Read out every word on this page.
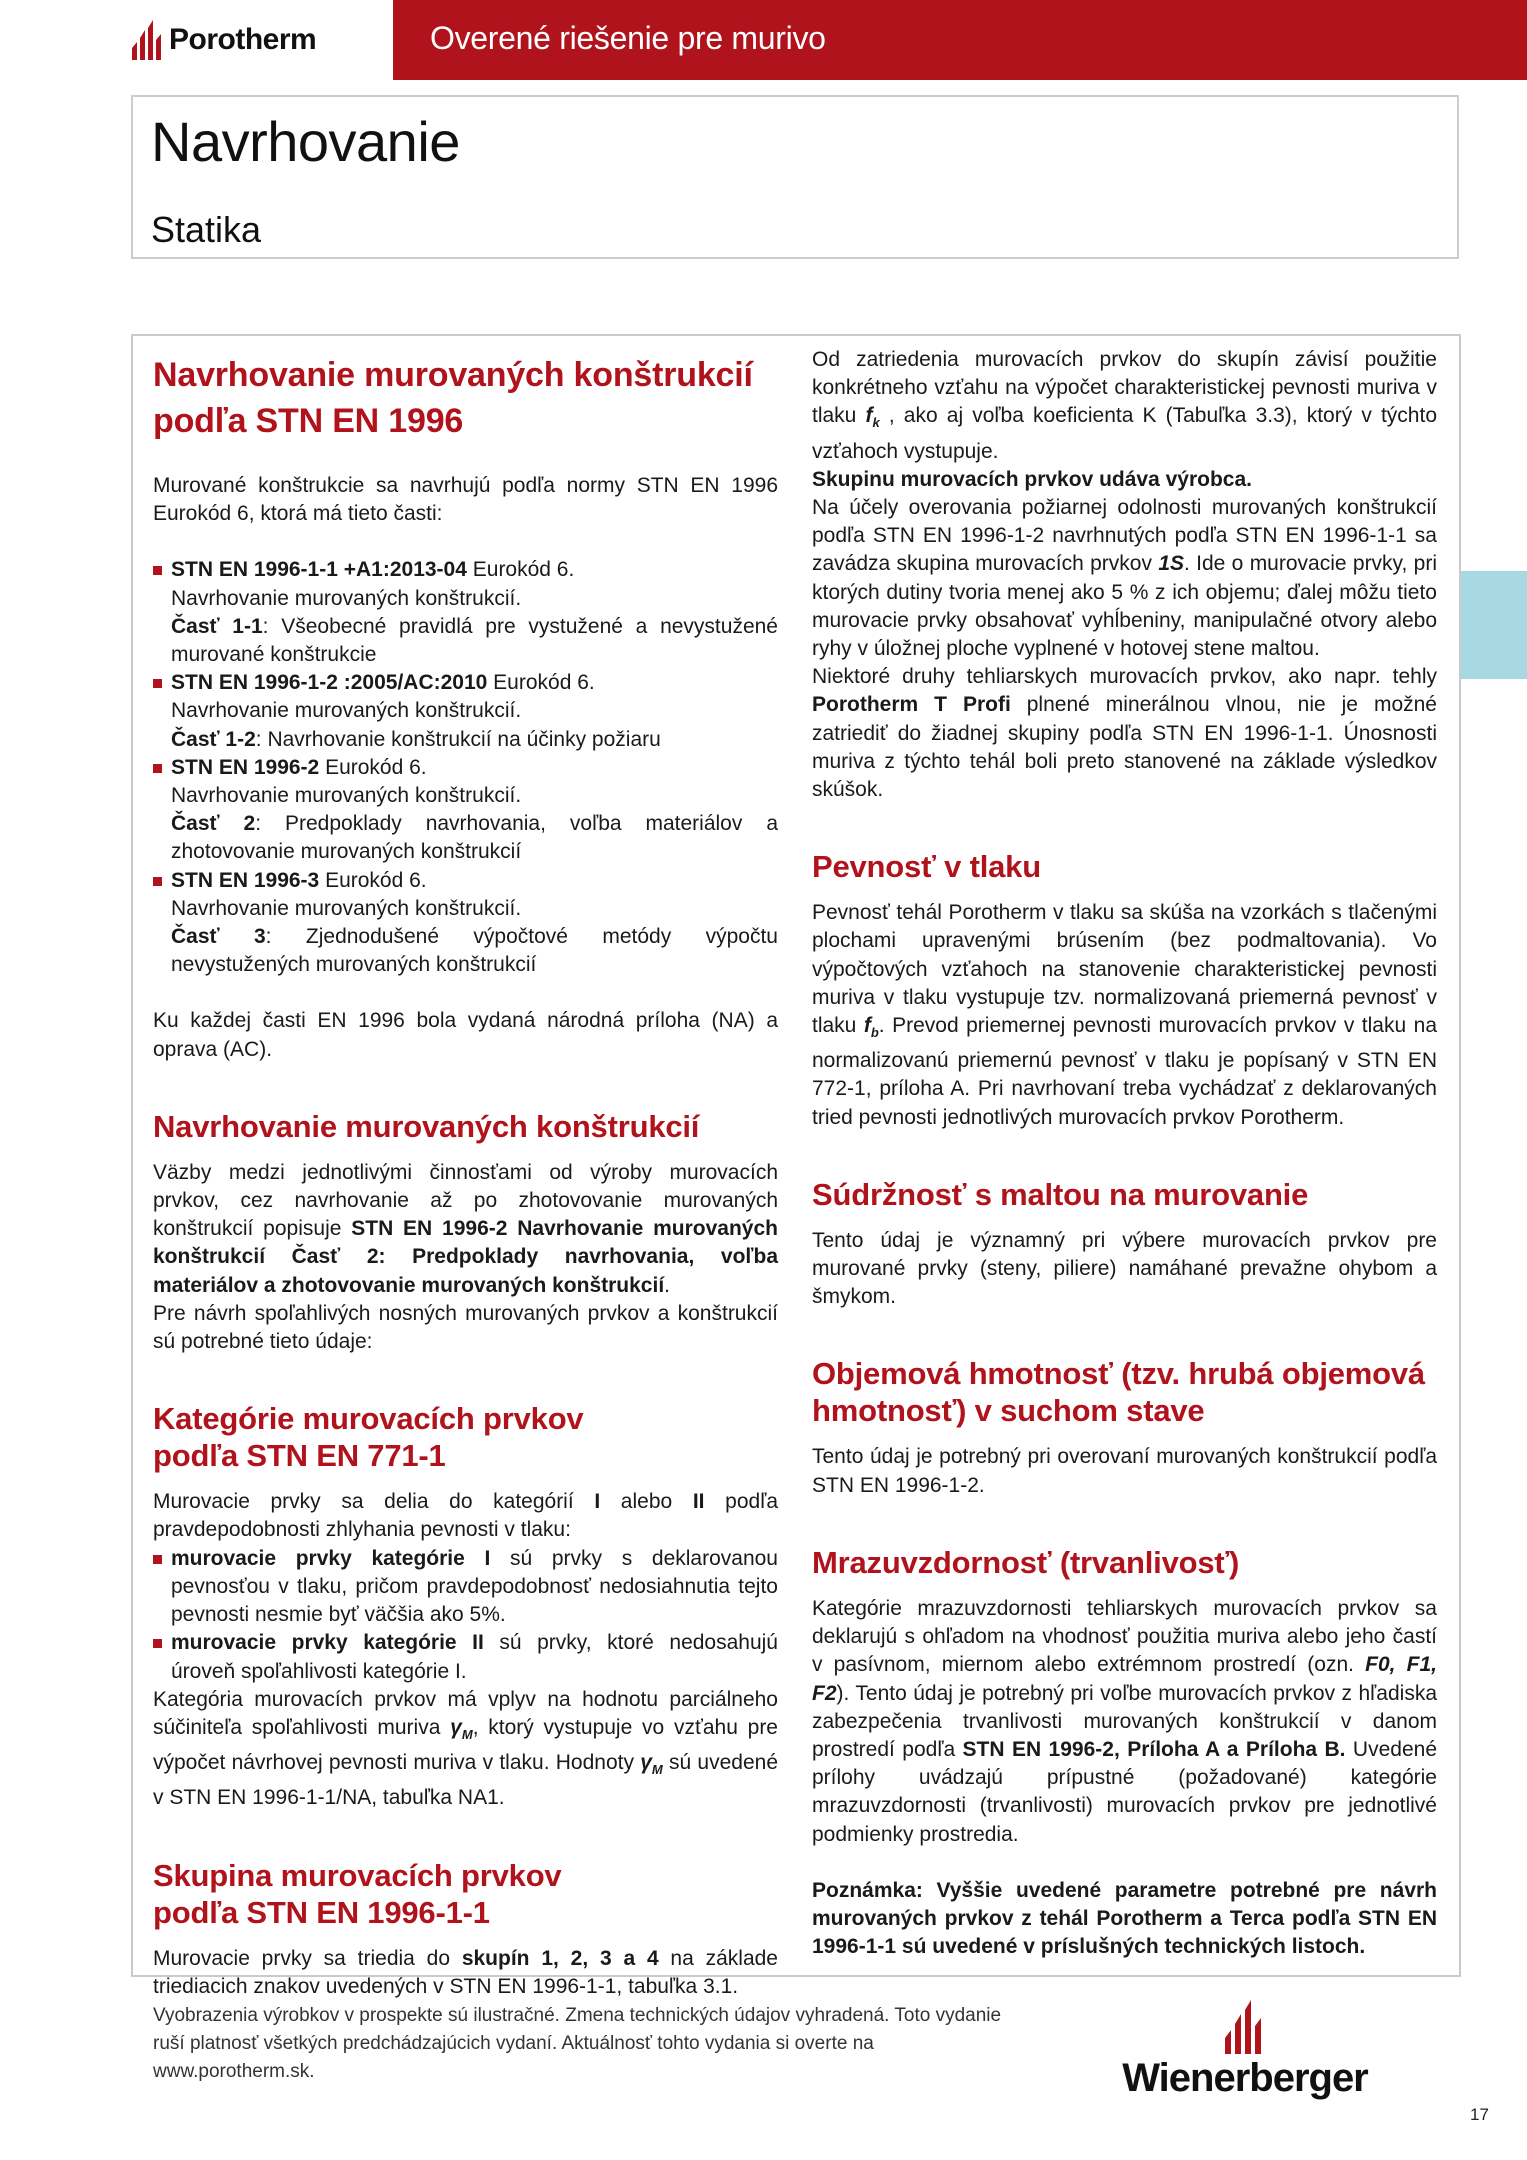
Porotherm	Overené riešenie pre murivo
Navrhovanie
Statika
Navrhovanie murovaných konštrukcií
podľa STN EN 1996

Murované konštrukcie sa navrhujú podľa normy STN EN 1996 Eurokód 6, ktorá má tieto časti:

STN EN 1996-1-1 +A1:2013-04 Eurokód 6.
Navrhovanie murovaných konštrukcií.
Časť 1-1: Všeobecné pravidlá pre vystužené a nevystužené murované konštrukcie
STN EN 1996-1-2 :2005/AC:2010 Eurokód 6.
Navrhovanie murovaných konštrukcií.
Časť 1-2: Navrhovanie konštrukcií na účinky požiaru
STN EN 1996-2 Eurokód 6.
Navrhovanie murovaných konštrukcií.
Časť 2: Predpoklady navrhovania, voľba materiálov a zhotovovanie murovaných konštrukcií
STN EN 1996-3 Eurokód 6.
Navrhovanie murovaných konštrukcií.
Časť 3: Zjednodušené výpočtové metódy výpočtu nevystužených murovaných konštrukcií

Ku každej časti EN 1996 bola vydaná národná príloha (NA) a oprava (AC).

Navrhovanie murovaných konštrukcií

Väzby medzi jednotlivými činnosťami od výroby murovacích prvkov, cez navrhovanie až po zhotovovanie murovaných konštrukcií popisuje STN EN 1996-2 Navrhovanie murovaných konštrukcií Časť 2: Predpoklady navrhovania, voľba materiálov a zhotovovanie murovaných konštrukcií.
Pre návrh spoľahlivých nosných murovaných prvkov a konštrukcií sú potrebné tieto údaje:

Kategórie murovacích prvkov
podľa STN EN 771-1

Murovacie prvky sa delia do kategórií I alebo II podľa pravdepodobnosti zhlyhania pevnosti v tlaku:

murovacie prvky kategórie I sú prvky s deklarovanou pevnosťou v tlaku, pričom pravdepodobnosť nedosiahnutia tejto pevnosti nesmie byť väčšia ako 5%.
murovacie prvky kategórie II sú prvky, ktoré nedosahujú úroveň spoľahlivosti kategórie I.

Kategória murovacích prvkov má vplyv na hodnotu parciálneho súčiniteľa spoľahlivosti muriva $\gamma_M$, ktorý vystupuje vo vzťahu pre výpočet návrhovej pevnosti muriva v tlaku. Hodnoty $\gamma_M$ sú uvedené v STN EN 1996-1-1/NA, tabuľka NA1.

Skupina murovacích prvkov
podľa STN EN 1996-1-1

Murovacie prvky sa triedia do skupín 1, 2, 3 a 4 na základe triediacich znakov uvedených v STN EN 1996-1-1, tabuľka 3.1.

Od zatriedenia murovacích prvkov do skupín závisí použitie konkrétneho vzťahu na výpočet charakteristickej pevnosti muriva v tlaku $f_k$ , ako aj voľba koeficienta K (Tabuľka 3.3), ktorý v týchto vzťahoch vystupuje.
Skupinu murovacích prvkov udáva výrobca.
Na účely overovania požiarnej odolnosti murovaných konštrukcií podľa STN EN 1996-1-2 navrhnutých podľa STN EN 1996-1-1 sa zavádza skupina murovacích prvkov 1S. Ide o murovacie prvky, pri ktorých dutiny tvoria menej ako 5 % z ich objemu; ďalej môžu tieto murovacie prvky obsahovať vyhĺbeniny, manipulačné otvory alebo ryhy v úložnej ploche vyplnené v hotovej stene maltou.
Niektoré druhy tehliarskych murovacích prvkov, ako napr. tehly Porotherm T Profi plnené minerálnou vlnou, nie je možné zatriediť do žiadnej skupiny podľa STN EN 1996-1-1. Únosnosti muriva z týchto tehál boli preto stanovené na základe výsledkov skúšok.

Pevnosť v tlaku

Pevnosť tehál Porotherm v tlaku sa skúša na vzorkách s tlačenými plochami upravenými brúsením (bez podmaltovania). Vo výpočtových vzťahoch na stanovenie charakteristickej pevnosti muriva v tlaku vystupuje tzv. normalizovaná priemerná pevnosť v tlaku $f_b$. Prevod priemernej pevnosti murovacích prvkov v tlaku na normalizovanú priemernú pevnosť v tlaku je popísaný v STN EN 772-1, príloha A. Pri navrhovaní treba vychádzať z deklarovaných tried pevnosti jednotlivých murovacích prvkov Porotherm.

Súdržnosť s maltou na murovanie

Tento údaj je významný pri výbere murovacích prvkov pre murované prvky (steny, piliere) namáhané prevažne ohybom a šmykom.

Objemová hmotnosť (tzv. hrubá objemová
hmotnosť) v suchom stave

Tento údaj je potrebný pri overovaní murovaných konštrukcií podľa STN EN 1996-1-2.

Mrazuvzdornosť (trvanlivosť)

Kategórie mrazuvzdornosti tehliarskych murovacích prvkov sa deklarujú s ohľadom na vhodnosť použitia muriva alebo jeho častí v pasívnom, miernom alebo extrémnom prostredí (ozn. F0, F1, F2). Tento údaj je potrebný pri voľbe murovacích prvkov z hľadiska zabezpečenia trvanlivosti murovaných konštrukcií v danom prostredí podľa STN EN 1996-2, Príloha A a Príloha B. Uvedené prílohy uvádzajú prípustné (požadované) kategórie mrazuvzdornosti (trvanlivosti) murovacích prvkov pre jednotlivé podmienky prostredia.

Poznámka: Vyššie uvedené parametre potrebné pre návrh murovaných prvkov z tehál Porotherm a Terca podľa STN EN 1996-1-1 sú uvedené v príslušných technických listoch.

Vyobrazenia výrobkov v prospekte sú ilustračné. Zmena technických údajov vyhradená. Toto vydanie ruší platnosť všetkých predchádzajúcich vydaní. Aktuálnosť tohto vydania si overte na www.porotherm.sk.	Wienerberger
17
